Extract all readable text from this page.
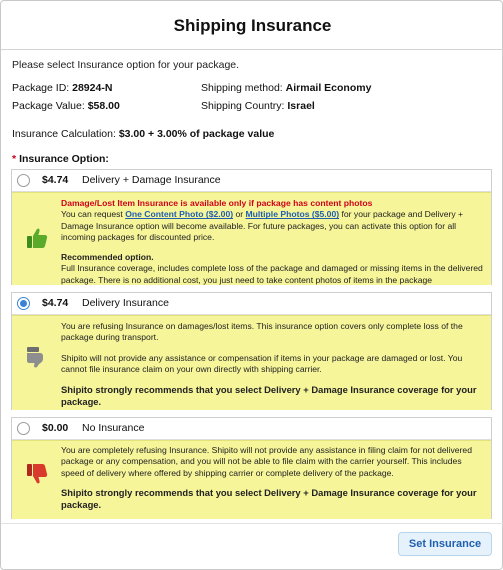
Shipping Insurance
Please select Insurance option for your package.
Package ID: 28924-N
Package Value: $58.00
Shipping method: Airmail Economy
Shipping Country: Israel
Insurance Calculation: $3.00 + 3.00% of package value
* Insurance Option:
$4.74 Delivery + Damage Insurance

Damage/Lost Item Insurance is available only if package has content photos

You can request One Content Photo ($2.00) or Multiple Photos ($5.00) for your package and Delivery + Damage Insurance option will become available. For future packages, you can activate this option for all incoming packages for discounted price.

Recommended option.

Full Insurance coverage, includes complete loss of the package and damaged or missing items in the delivered package. There is no additional cost, you just need to take content photos of items in the package

$4.74 Delivery Insurance

You are refusing Insurance on damages/lost items. This insurance option covers only complete loss of the package during transport.

Shipito will not provide any assistance or compensation if items in your package are damaged or lost. You cannot file insurance claim on your own directly with shipping carrier.

Shipito strongly recommends that you select Delivery + Damage Insurance coverage for your package.

$0.00 No Insurance

You are completely refusing Insurance. Shipito will not provide any assistance in filing claim for not delivered package or any compensation, and you will not be able to file claim with the carrier yourself. This includes speed of delivery where offered by shipping carrier or complete delivery of the package.

Shipito strongly recommends that you select Delivery + Damage Insurance coverage for your package.

Set Insurance
